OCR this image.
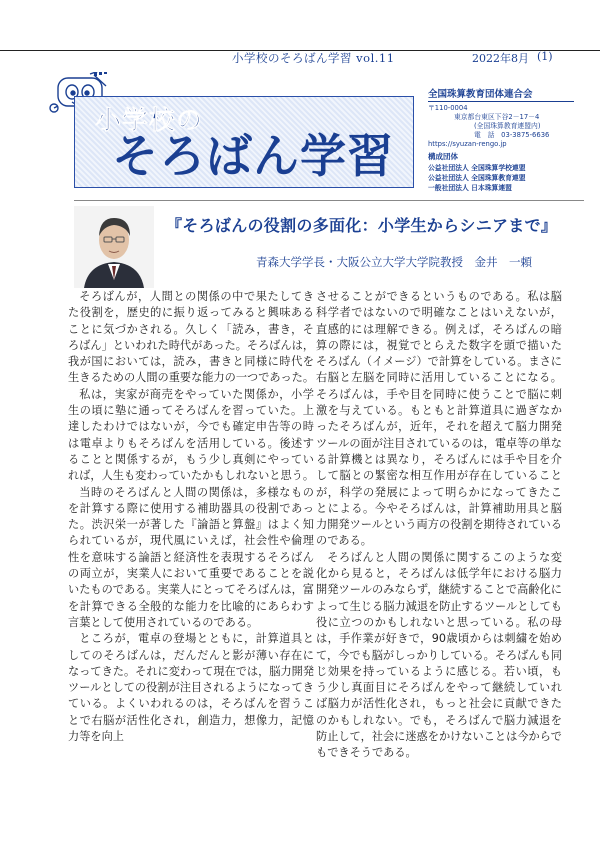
小学校のそろばん学習 vol.11	2022年8月 (1)
小学校の
そろばん学習
全国珠算教育団体連合会
〒110-0004
東京都台東区下谷2－17－4
(全国珠算教育連盟内)
電　話　03-3875-6636
https://syuzan-rengo.jp
構成団体
公益社団法人 全国珠算学校連盟
公益社団法人 全国珠算教育連盟
一般社団法人 日本珠算連盟
『そろばんの役割の多面化：小学生からシニアまで』
青森大学学長・大阪公立大学大学院教授　金井　一頼

そろばんが，人間との関係の中で果たしてきた役割を，歴史的に振り返ってみると興味あることに気づかされる。久しく「読み，書き，そろばん」といわれた時代があった。そろばんは，我が国においては，読み，書きと同様に時代を生きるための人間の重要な能力の一つであった。

私は，実家が商売をやっていた関係か，小学生の頃に塾に通ってそろばんを習っていた。上達したわけではないが，今でも確定申告等の時は電卓よりもそろばんを活用している。後述することと関係するが，もう少し真剣にやっていれば，人生も変わっていたかもしれないと思う。

当時のそろばんと人間の関係は，多様なものを計算する際に使用する補助器具の役割であった。渋沢栄一が著した『論語と算盤』はよく知られているが，現代風にいえば，社会性や倫理性を意味する論語と経済性を表現するそろばんの両立が，実業人において重要であることを説いたものである。実業人にとってそろばんは，富を計算できる全般的な能力を比喩的にあらわす言葉として使用されているのである。

ところが，電卓の登場とともに，計算道具としてのそろばんは，だんだんと影が薄い存在になってきた。それに変わって現在では，脳力開発ツールとしての役割が注目されるようになってきている。よくいわれるのは，そろばんを習うことで右脳が活性化され，創造力，想像力，記憶力等を向上

させることができるというものである。私は脳科学者ではないので明確なことはいえないが，直感的には理解できる。例えば，そろばんの暗算の際には，視覚でとらえた数字を頭で描いたそろばん（イメージ）で計算をしている。まさに右脳と左脳を同時に活用していることになる。そろばんは，手や目を同時に使うことで脳に刺激を与えている。もともと計算道具に過ぎなかったそろばんが，近年，それを超えて脳力開発ツールの面が注目されているのは，電卓等の単なる計算機とは異なり，そろばんには手や目を介して脳との緊密な相互作用が存在していることが，科学の発展によって明らかになってきたことによる。今やそろばんは，計算補助用具と脳力開発ツールという両方の役割を期待されているのである。

そろばんと人間の関係に関するこのような変化から見ると，そろばんは低学年における脳力開発ツールのみならず，継続することで高齢化によって生じる脳力減退を防止するツールとしても役に立つのかもしれないと思っている。私の母は，手作業が好きで，90歳頃からは刺繍を始めて，今でも脳がしっかりしている。そろばんも同じ効果を持っているように感じる。若い頃，もう少し真面目にそろばんをやって継続していれば脳力が活性化され，もっと社会に貢献できたのかもしれない。でも，そろばんで脳力減退を防止して，社会に迷惑をかけないことは今からでもできそうである。
